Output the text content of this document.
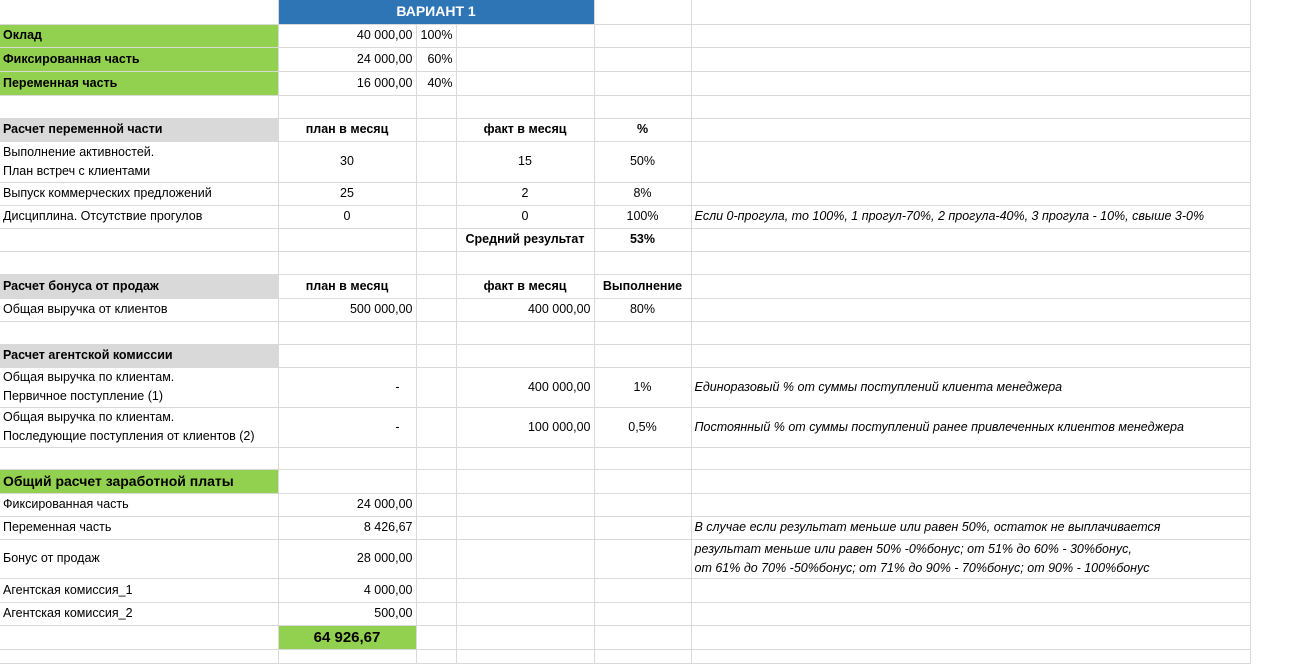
	ВАРИАНТ 1				
Оклад	40 000,00	100%			
Фиксированная часть	24 000,00	60%			
Переменная часть	16 000,00	40%			

Расчет переменной части	план в месяц		факт в месяц	%	

Выполнение активностей.
План встреч с клиентами	30		15	50%	
Выпуск коммерческих предложений	25		2	8%	
Дисциплина. Отсутствие прогулов	0		0	100%	Если 0-прогула, то 100%, 1 прогул-70%, 2 прогула-40%, 3 прогула - 10%, свыше 3-0%
			Средний результат	53%	

Расчет бонуса от продаж	план в месяц		факт в месяц	Выполнение	
Общая выручка от клиентов	500 000,00		400 000,00	80%	

Расчет агентской комиссии					

Общая выручка по клиентам.
Первичное поступление (1)	-		400 000,00	1%	Единоразовый % от суммы поступлений клиента менеджера

Общая выручка по клиентам.
Последующие поступления от клиентов (2)	-		100 000,00	0,5%	Постоянный % от суммы поступлений ранее привлеченных клиентов менеджера

Общий расчет заработной платы					
Фиксированная часть	24 000,00				
Переменная часть	8 426,67				В случае если результат меньше или равен 50%, остаток не выплачивается
Бонус от продаж	28 000,00				результат меньше или равен 50% -0%бонус; от 51% до 60% - 30%бонус,
от 61% до 70% -50%бонус; от 71% до 90% - 70%бонус; от 90% - 100%бонус

Агентская комиссия_1	4 000,00				
Агентская комиссия_2	500,00				
	64 926,67				
